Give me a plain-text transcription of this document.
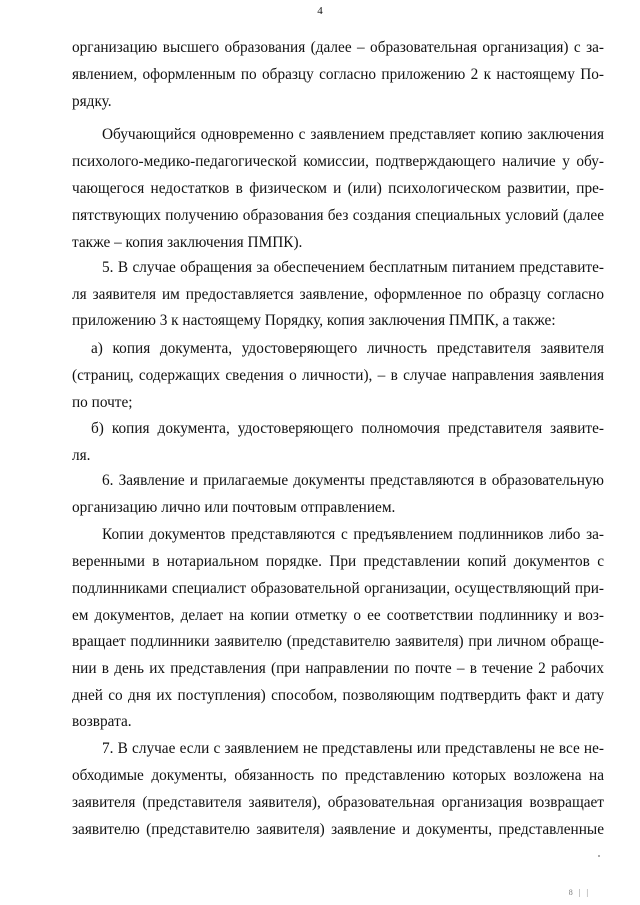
4
организацию высшего образования (далее – образовательная организация) с за-
явлением, оформленным по образцу согласно приложению 2 к настоящему По-
рядку.
Обучающийся одновременно с заявлением представляет копию заключения
психолого-медико-педагогической комиссии, подтверждающего наличие у обу-
чающегося недостатков в физическом и (или) психологическом развитии, пре-
пятствующих получению образования без создания специальных условий (далее
также – копия заключения ПМПК).
5. В случае обращения за обеспечением бесплатным питанием представите-
ля заявителя им предоставляется заявление, оформленное по образцу согласно
приложению 3 к настоящему Порядку, копия заключения ПМПК, а также:
а) копия документа, удостоверяющего личность представителя заявителя
(страниц, содержащих сведения о личности), – в случае направления заявления
по почте;
б) копия документа, удостоверяющего полномочия представителя заявите-
ля.
6. Заявление и прилагаемые документы представляются в образовательную
организацию лично или почтовым отправлением.
Копии документов представляются с предъявлением подлинников либо за-
веренными в нотариальном порядке. При представлении копий документов с
подлинниками специалист образовательной организации, осуществляющий при-
ем документов, делает на копии отметку о ее соответствии подлиннику и воз-
вращает подлинники заявителю (представителю заявителя) при личном обраще-
нии в день их представления (при направлении по почте – в течение 2 рабочих
дней со дня их поступления) способом, позволяющим подтвердить факт и дату
возврата.
7. В случае если с заявлением не представлены или представлены не все не-
обходимые документы, обязанность по представлению которых возложена на
заявителя (представителя заявителя), образовательная организация возвращает
заявителю (представителю заявителя) заявление и документы, представленные
8 | |
